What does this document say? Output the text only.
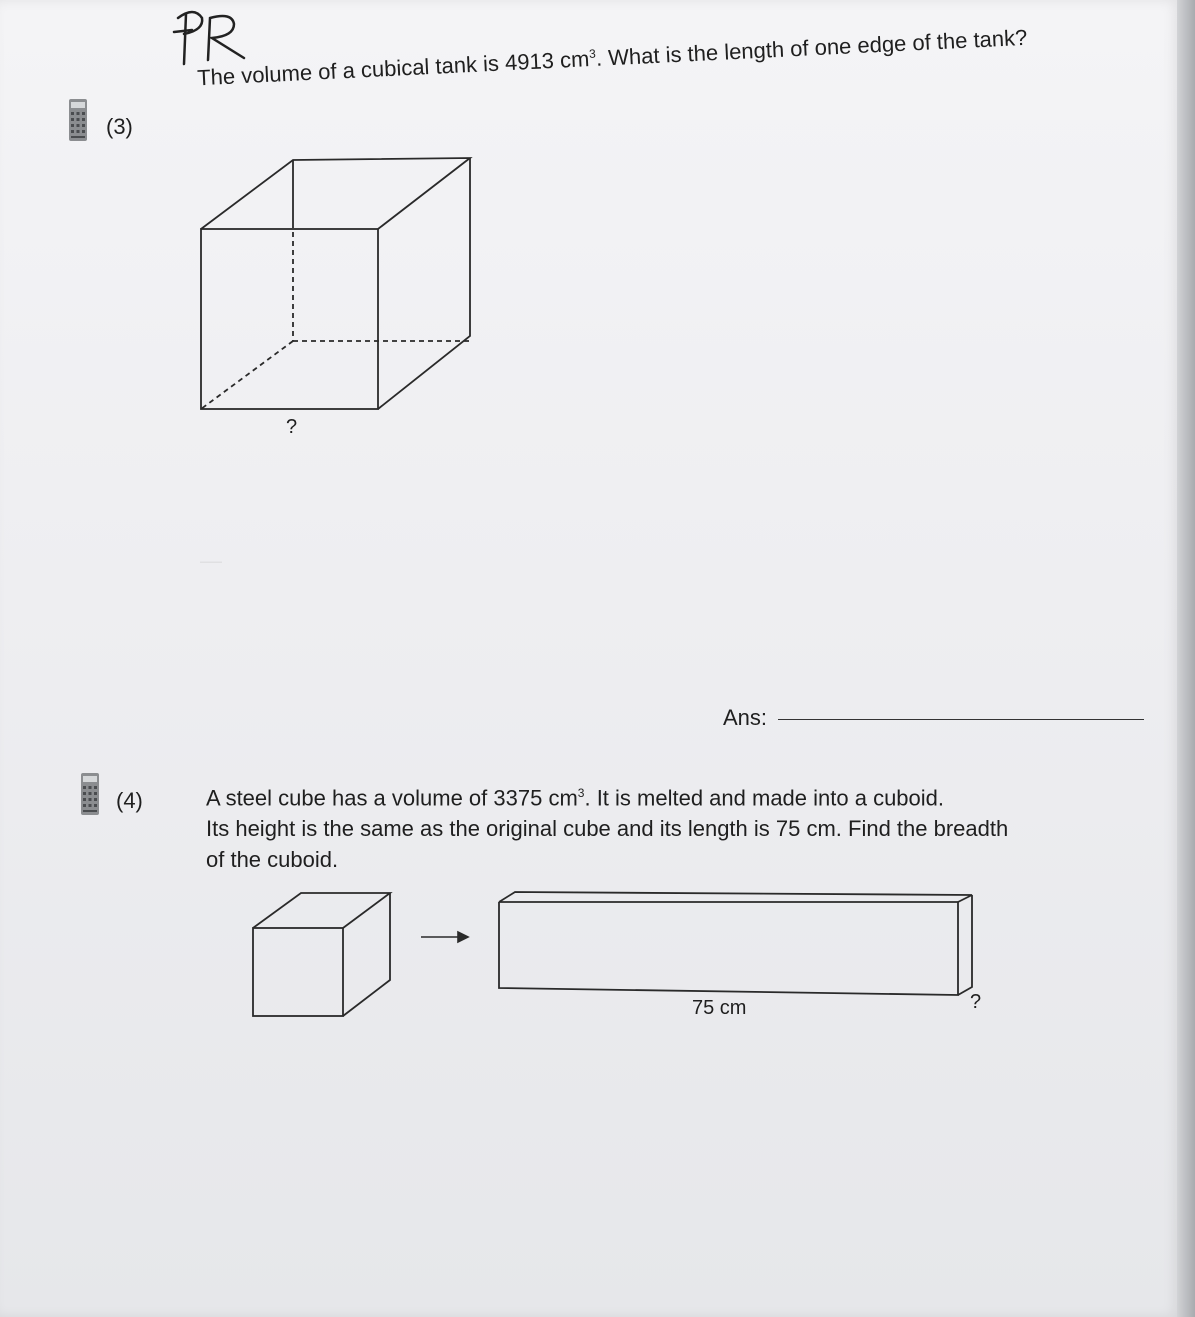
—
(3)
The volume of a cubical tank is 4913 $cm^3$. What is the length of one edge of the tank?
?
Ans:
(4)	A steel cube has a volume of 3375 $cm^3$. It is melted and made into a cuboid.
Its height is the same as the original cube and its length is 75 cm. Find the breadth
of the cuboid.
75 cm	?
